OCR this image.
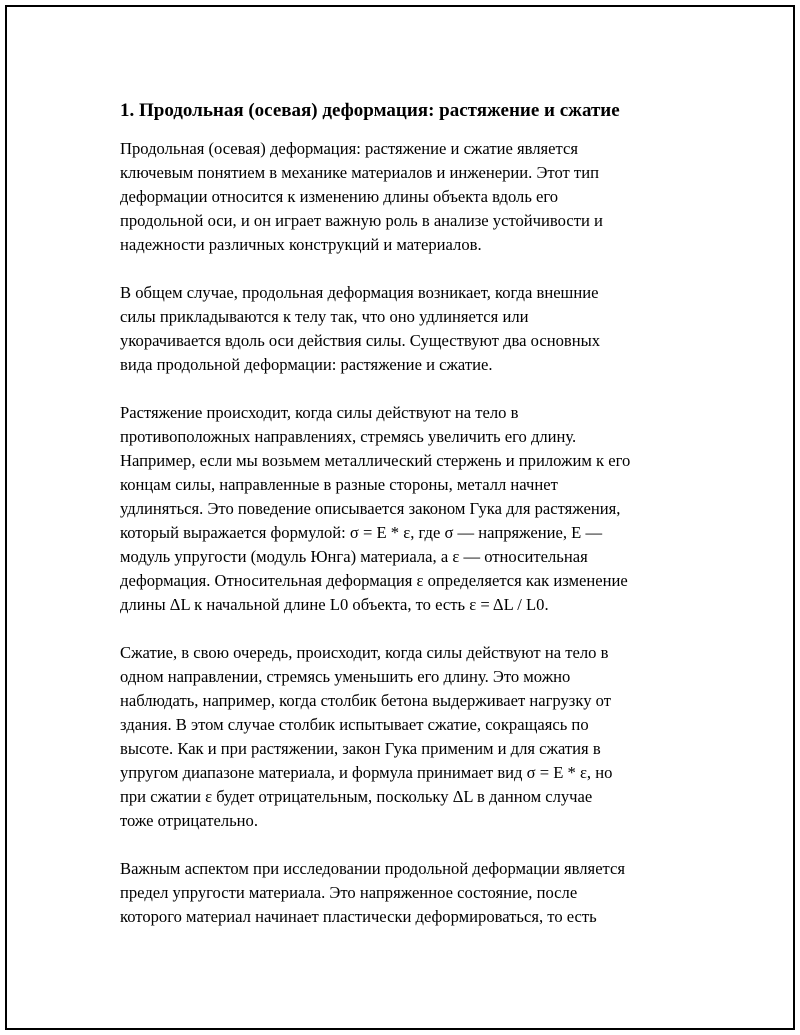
1. Продольная (осевая) деформация: растяжение и сжатие

Продольная (осевая) деформация: растяжение и сжатие является
ключевым понятием в механике материалов и инженерии. Этот тип
деформации относится к изменению длины объекта вдоль его
продольной оси, и он играет важную роль в анализе устойчивости и
надежности различных конструкций и материалов.

В общем случае, продольная деформация возникает, когда внешние
силы прикладываются к телу так, что оно удлиняется или
укорачивается вдоль оси действия силы. Существуют два основных
вида продольной деформации: растяжение и сжатие.

Растяжение происходит, когда силы действуют на тело в
противоположных направлениях, стремясь увеличить его длину.
Например, если мы возьмем металлический стержень и приложим к его
концам силы, направленные в разные стороны, металл начнет
удлиняться. Это поведение описывается законом Гука для растяжения,
который выражается формулой: σ = E * ε, где σ — напряжение, E —
модуль упругости (модуль Юнга) материала, а ε — относительная
деформация. Относительная деформация ε определяется как изменение
длины ΔL к начальной длине L0 объекта, то есть ε = ΔL / L0.

Сжатие, в свою очередь, происходит, когда силы действуют на тело в
одном направлении, стремясь уменьшить его длину. Это можно
наблюдать, например, когда столбик бетона выдерживает нагрузку от
здания. В этом случае столбик испытывает сжатие, сокращаясь по
высоте. Как и при растяжении, закон Гука применим и для сжатия в
упругом диапазоне материала, и формула принимает вид σ = E * ε, но
при сжатии ε будет отрицательным, поскольку ΔL в данном случае
тоже отрицательно.

Важным аспектом при исследовании продольной деформации является
предел упругости материала. Это напряженное состояние, после
которого материал начинает пластически деформироваться, то есть
